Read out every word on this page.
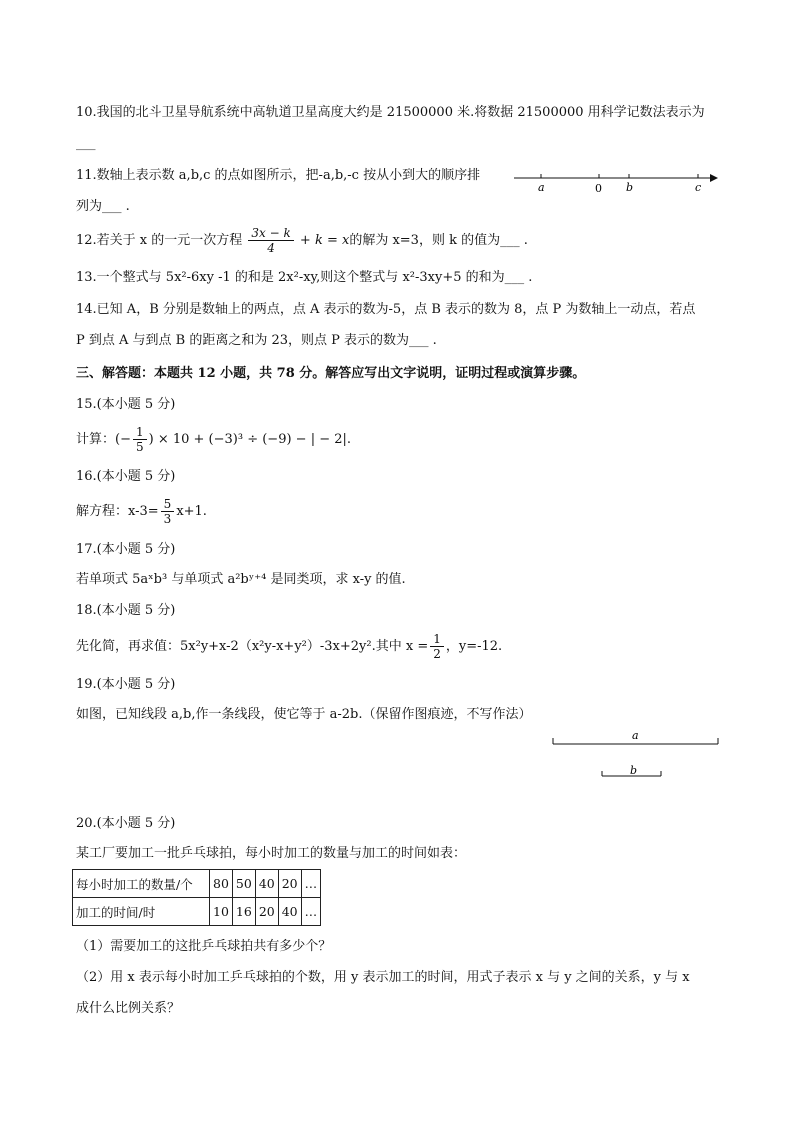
10.我国的北斗卫星导航系统中高轨道卫星高度大约是 21500000 米.将数据 21500000 用科学记数法表示为
___
11.数轴上表示数 a,b,c 的点如图所示，把-a,b,-c 按从小到大的顺序排
列为___ .
a	0 b	c
12.若关于 x 的一元一次方程 $\frac{3x - k}{4} + k = x$的解为 x=3，则 k 的值为___ .
13.一个整式与 5x²-6xy -1 的和是 2x²-xy,则这个整式与 x²-3xy+5 的和为___ .
14.已知 A，B 分别是数轴上的两点，点 A 表示的数为-5，点 B 表示的数为 8，点 P 为数轴上一动点，若点
P 到点 A 与到点 B 的距离之和为 23，则点 P 表示的数为___ .
三、解答题：本题共 12 小题，共 78 分。解答应写出文字说明，证明过程或演算步骤。
15.(本小题 5 分)
计算：(− $\frac{1}{5}$ ) × 10 + (−3)³ ÷ (−9) − | − 2|.
16.(本小题 5 分)
解方程：$x-3= \frac{5}{3} x+1$.
17.(本小题 5 分)
若单项式 5aˣb³ 与单项式 a²bʸ⁺⁴ 是同类项，求 x-y 的值.
18.(本小题 5 分)
先化简，再求值：5x²y+x-2（x²y-x+y²）-3x+2y².其中 $x = \frac{1}{2}$ ，y=-12.
19.(本小题 5 分)
如图，已知线段 a,b,作一条线段，使它等于 a-2b.（保留作图痕迹，不写作法）
a
b
20.(本小题 5 分)
某工厂要加工一批乒乓球拍，每小时加工的数量与加工的时间如表：
每小时加工的数量/个	80	50	40	20	…
加工的时间/时	10	16	20	40	…
（1）需要加工的这批乒乓球拍共有多少个？
（2）用 x 表示每小时加工乒乓球拍的个数，用 y 表示加工的时间，用式子表示 x 与 y 之间的关系，y 与 x
成什么比例关系？
